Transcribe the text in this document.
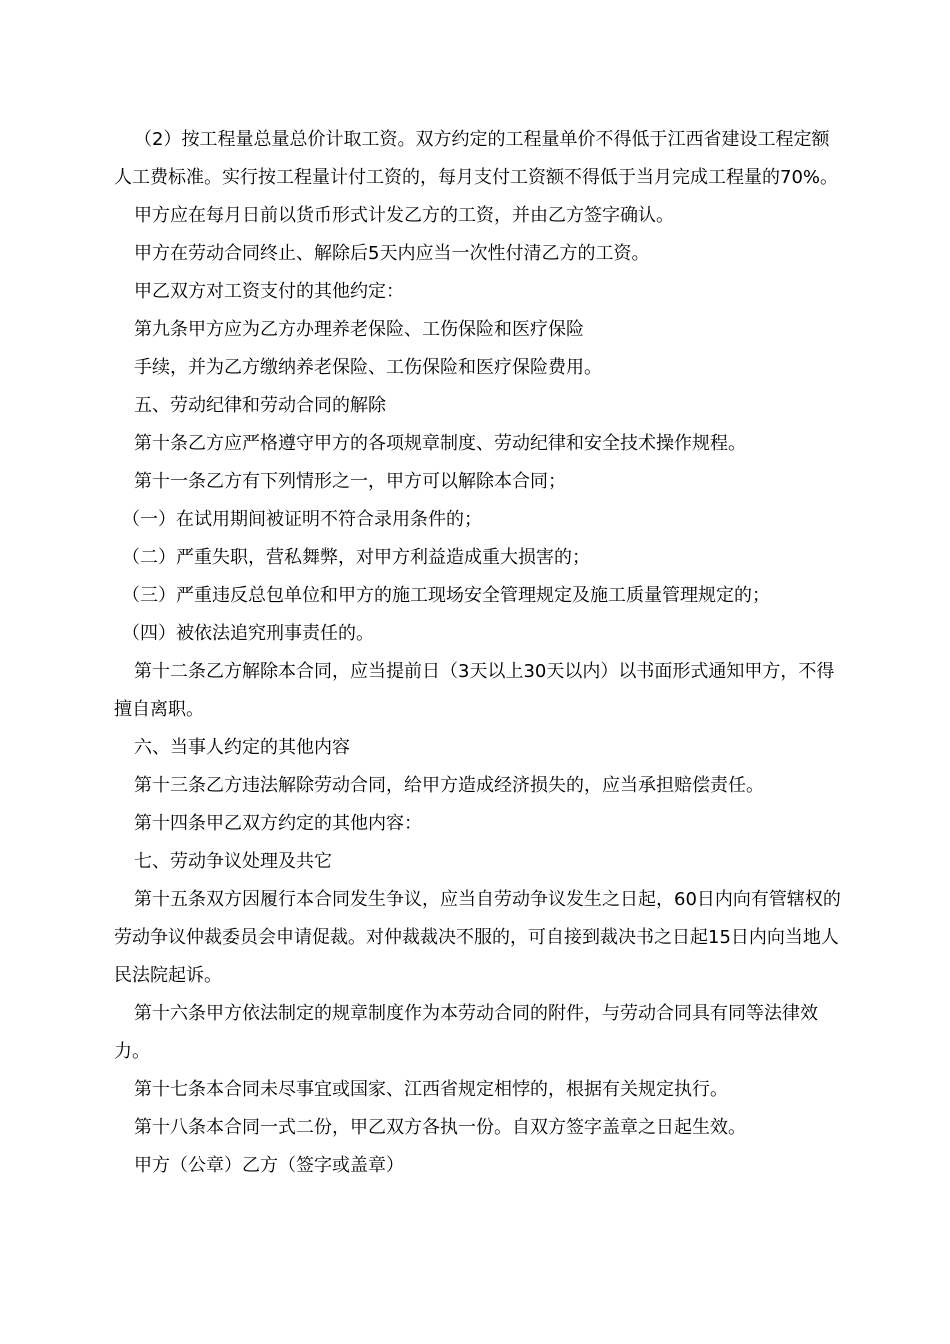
（2）按工程量总量总价计取工资。双方约定的工程量单价不得低于江西省建设工程定额人工费标准。实行按工程量计付工资的，每月支付工资额不得低于当月完成工程量的70%。

甲方应在每月日前以货币形式计发乙方的工资，并由乙方签字确认。

甲方在劳动合同终止、解除后5天内应当一次性付清乙方的工资。

甲乙双方对工资支付的其他约定：

第九条甲方应为乙方办理养老保险、工伤保险和医疗保险

手续，并为乙方缴纳养老保险、工伤保险和医疗保险费用。

五、劳动纪律和劳动合同的解除

第十条乙方应严格遵守甲方的各项规章制度、劳动纪律和安全技术操作规程。

第十一条乙方有下列情形之一，甲方可以解除本合同；

（一）在试用期间被证明不符合录用条件的；

（二）严重失职，营私舞弊，对甲方利益造成重大损害的；

（三）严重违反总包单位和甲方的施工现场安全管理规定及施工质量管理规定的；

（四）被依法追究刑事责任的。

第十二条乙方解除本合同，应当提前日（3天以上30天以内）以书面形式通知甲方，不得擅自离职。

六、当事人约定的其他内容

第十三条乙方违法解除劳动合同，给甲方造成经济损失的，应当承担赔偿责任。

第十四条甲乙双方约定的其他内容：

七、劳动争议处理及共它

第十五条双方因履行本合同发生争议，应当自劳动争议发生之日起，60日内向有管辖权的劳动争议仲裁委员会申请促裁。对仲裁裁决不服的，可自接到裁决书之日起15日内向当地人民法院起诉。

第十六条甲方依法制定的规章制度作为本劳动合同的附件，与劳动合同具有同等法律效力。

第十七条本合同未尽事宜或国家、江西省规定相悖的，根据有关规定执行。

第十八条本合同一式二份，甲乙双方各执一份。自双方签字盖章之日起生效。

甲方（公章）乙方（签字或盖章）
